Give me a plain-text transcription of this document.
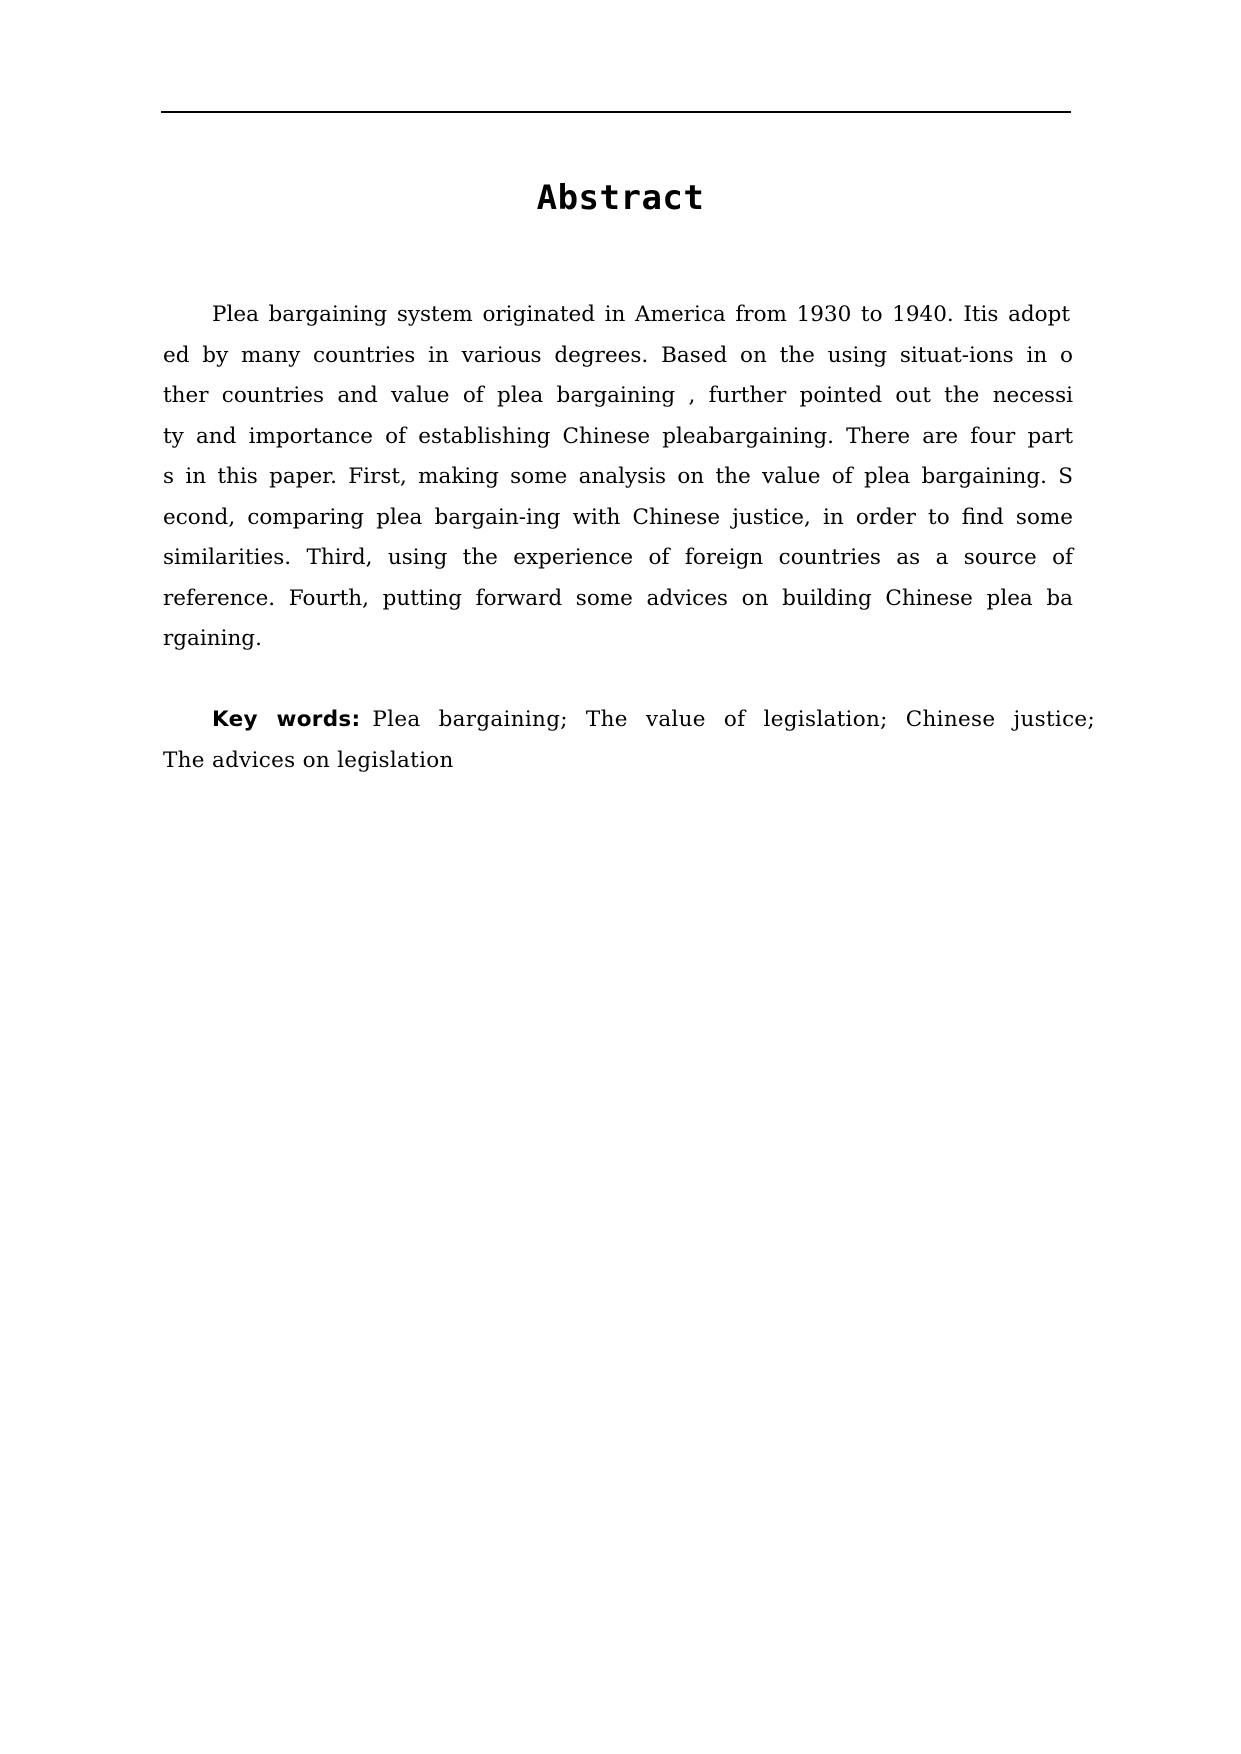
Abstract
Plea bargaining system originated in America from 1930 to 1940. Itis adopt
ed by many countries in various degrees. Based on the using situat-ions in o
ther countries and value of plea bargaining , further pointed out the necessi
ty and importance of establishing Chinese pleabargaining. There are four part
s in this paper. First, making some analysis on the value of plea bargaining. S
econd, comparing plea bargain-ing with Chinese justice, in order to find some
similarities. Third, using the experience of foreign countries as a source of
reference. Fourth, putting forward some advices on building Chinese plea ba
rgaining.
Key words: Plea bargaining; The value of legislation; Chinese justice;
The advices on legislation
